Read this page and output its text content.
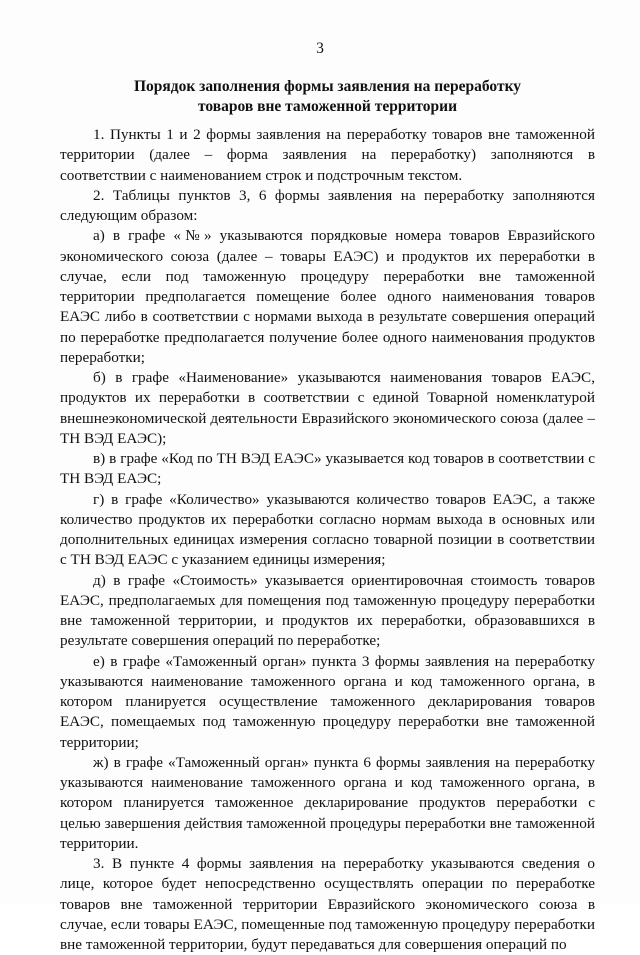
3
Порядок заполнения формы заявления на переработку
товаров вне таможенной территории

1. Пункты 1 и 2 формы заявления на переработку товаров вне таможенной территории (далее – форма заявления на переработку) заполняются в соответствии с наименованием строк и подстрочным текстом.

2. Таблицы пунктов 3, 6 формы заявления на переработку заполняются следующим образом:

а) в графе «№» указываются порядковые номера товаров Евразийского экономического союза (далее – товары ЕАЭС) и продуктов их переработки в случае, если под таможенную процедуру переработки вне таможенной территории предполагается помещение более одного наименования товаров ЕАЭС либо в соответствии с нормами выхода в результате совершения операций по переработке предполагается получение более одного наименования продуктов переработки;

б) в графе «Наименование» указываются наименования товаров ЕАЭС, продуктов их переработки в соответствии с единой Товарной номенклатурой внешнеэкономической деятельности Евразийского экономического союза (далее – ТН ВЭД ЕАЭС);

в) в графе «Код по ТН ВЭД ЕАЭС» указывается код товаров в соответствии с ТН ВЭД ЕАЭС;

г) в графе «Количество» указываются количество товаров ЕАЭС, а также количество продуктов их переработки согласно нормам выхода в основных или дополнительных единицах измерения согласно товарной позиции в соответствии с ТН ВЭД ЕАЭС с указанием единицы измерения;

д) в графе «Стоимость» указывается ориентировочная стоимость товаров ЕАЭС, предполагаемых для помещения под таможенную процедуру переработки вне таможенной территории, и продуктов их переработки, образовавшихся в результате совершения операций по переработке;

е) в графе «Таможенный орган» пункта 3 формы заявления на переработку указываются наименование таможенного органа и код таможенного органа, в котором планируется осуществление таможенного декларирования товаров ЕАЭС, помещаемых под таможенную процедуру переработки вне таможенной территории;

ж) в графе «Таможенный орган» пункта 6 формы заявления на переработку указываются наименование таможенного органа и код таможенного органа, в котором планируется таможенное декларирование продуктов переработки с целью завершения действия таможенной процедуры переработки вне таможенной территории.

3. В пункте 4 формы заявления на переработку указываются сведения о лице, которое будет непосредственно осуществлять операции по переработке товаров вне таможенной территории Евразийского экономического союза в случае, если товары ЕАЭС, помещенные под таможенную процедуру переработки вне таможенной территории, будут передаваться для совершения операций по
